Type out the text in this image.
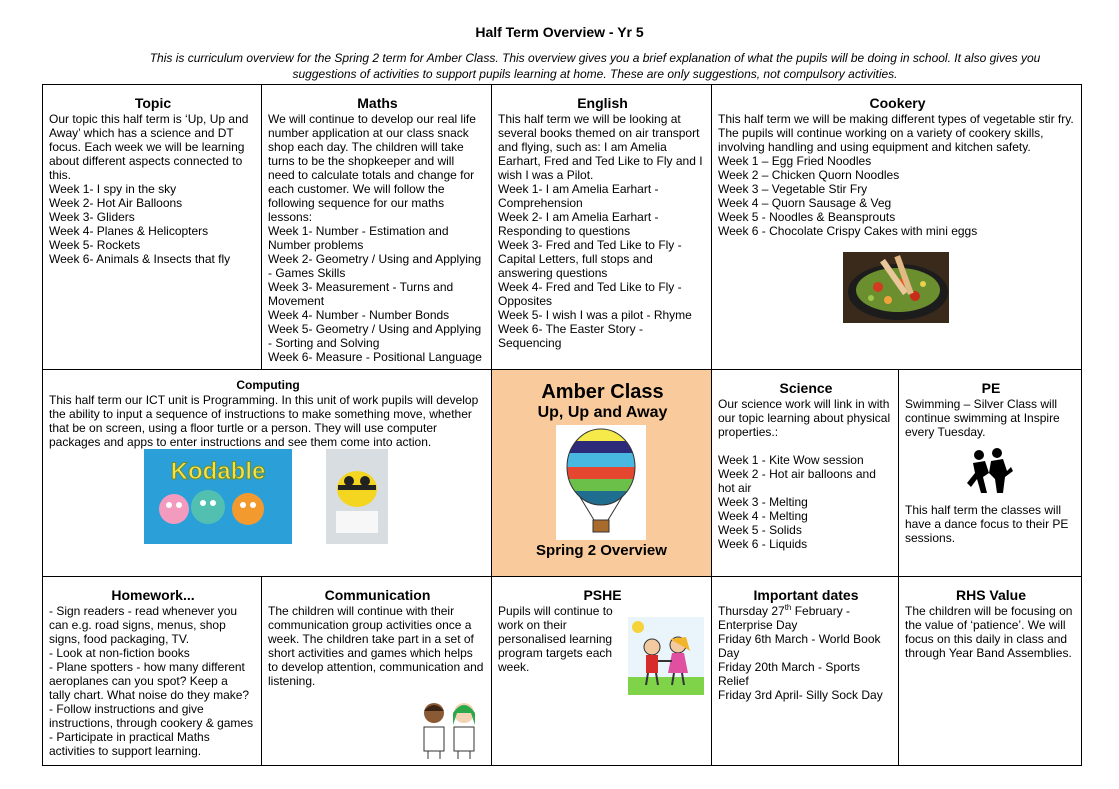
Half Term Overview - Yr 5
This is curriculum overview for the Spring 2 term for Amber Class. This overview gives you a brief explanation of what the pupils will be doing in school. It also gives you suggestions of activities to support pupils learning at home. These are only suggestions, not compulsory activities.
Topic
Our topic this half term is ‘Up, Up and
Away’ which has a science and DT
focus. Each week we will be learning
about different aspects connected to
this.
Week 1- I spy in the sky
Week 2- Hot Air Balloons
Week 3- Gliders
Week 4- Planes & Helicopters
Week 5- Rockets
Week 6- Animals & Insects that fly
Maths
We will continue to develop our real life
number application at our class snack
shop each day. The children will take
turns to be the shopkeeper and will
need to calculate totals and change for
each customer. We will follow the
following sequence for our maths
lessons:
Week 1- Number - Estimation and
Number problems
Week 2- Geometry / Using and Applying
- Games Skills
Week 3- Measurement - Turns and
Movement
Week 4- Number - Number Bonds
Week 5- Geometry / Using and Applying
- Sorting and Solving
Week 6- Measure - Positional Language
English
This half term we will be looking at
several books themed on air transport
and flying, such as: I am Amelia
Earhart, Fred and Ted Like to Fly and I
wish I was a Pilot.
Week 1- I am Amelia Earhart -
Comprehension
Week 2- I am Amelia Earhart -
Responding to questions
Week 3- Fred and Ted Like to Fly -
Capital Letters, full stops and
answering questions
Week 4- Fred and Ted Like to Fly -
Opposites
Week 5- I wish I was a pilot - Rhyme
Week 6- The Easter Story -
Sequencing
Cookery
This half term we will be making different types of vegetable stir fry.
The pupils will continue working on a variety of cookery skills,
involving handling and using equipment and kitchen safety.
Week 1 – Egg Fried Noodles
Week 2 – Chicken Quorn Noodles
Week 3 – Vegetable Stir Fry
Week 4 – Quorn Sausage & Veg
Week 5 - Noodles & Beansprouts
Week 6 - Chocolate Crispy Cakes with mini eggs
Computing
This half term our ICT unit is Programming. In this unit of work pupils will develop
the ability to input a sequence of instructions to make something move, whether
that be on screen, using a floor turtle or a person. They will use computer
packages and apps to enter instructions and see them come into action.
Kodable
Amber Class
Up, Up and Away
Spring 2 Overview
Science
Our science work will link in with
our topic learning about physical
properties.:

Week 1 - Kite Wow session
Week 2 - Hot air balloons and
hot air
Week 3 - Melting
Week 4 - Melting
Week 5 - Solids
Week 6 - Liquids
PE
Swimming – Silver Class will
continue swimming at Inspire
every Tuesday.
This half term the classes will
have a dance focus to their PE
sessions.
Homework...
- Sign readers - read whenever you
can e.g. road signs, menus, shop
signs, food packaging, TV.
- Look at non-fiction books
- Plane spotters - how many different
aeroplanes can you spot? Keep a
tally chart. What noise do they make?
- Follow instructions and give
instructions, through cookery & games
- Participate in practical Maths
activities to support learning.
Communication
The children will continue with their
communication group activities once a
week. The children take part in a set of
short activities and games which helps
to develop attention, communication and
listening.
PSHE
Pupils will continue to
work on their
personalised learning
program targets each
week.
Important dates
Thursday 27th February -
Enterprise Day
Friday 6th March - World Book
Day
Friday 20th March - Sports
Relief
Friday 3rd April- Silly Sock Day
RHS Value
The children will be focusing on
the value of ‘patience’. We will
focus on this daily in class and
through Year Band Assemblies.
